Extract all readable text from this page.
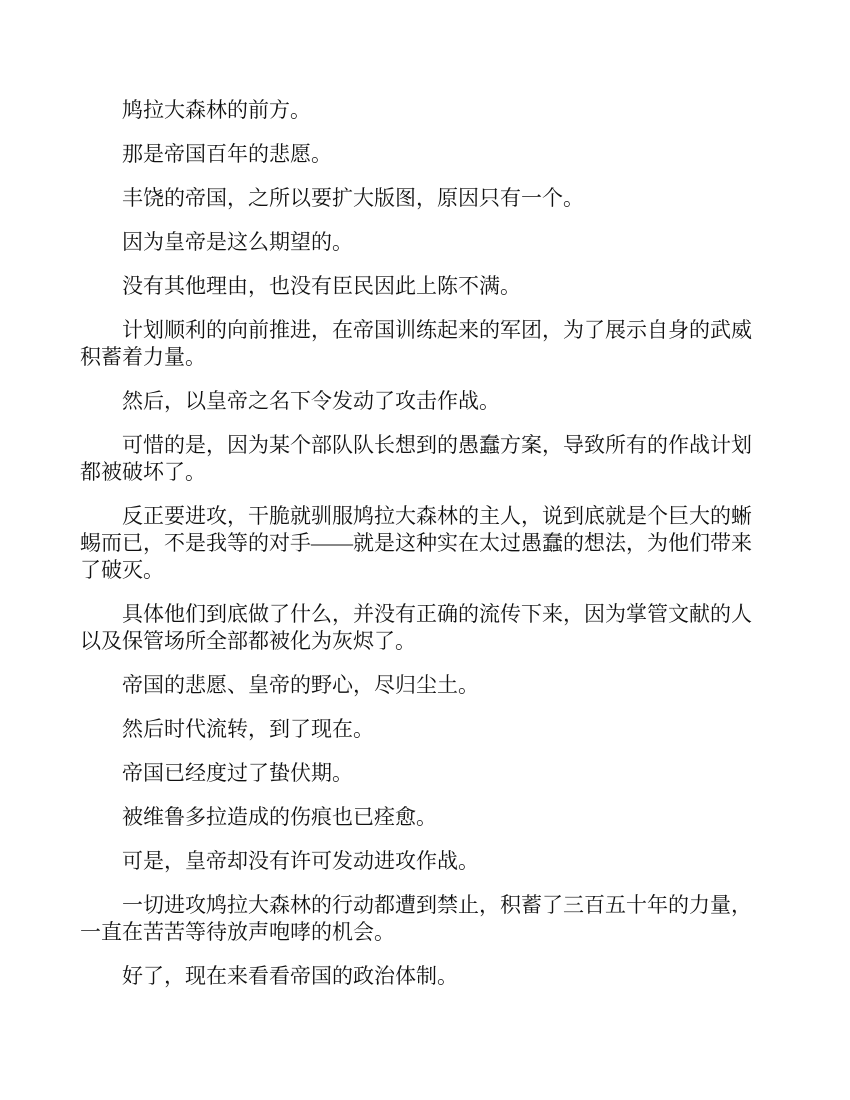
鸠拉大森林的前方。

那是帝国百年的悲愿。

丰饶的帝国，之所以要扩大版图，原因只有一个。

因为皇帝是这么期望的。

没有其他理由，也没有臣民因此上陈不满。

计划顺利的向前推进，在帝国训练起来的军团，为了展示自身的武威积蓄着力量。

然后，以皇帝之名下令发动了攻击作战。

可惜的是，因为某个部队队长想到的愚蠢方案，导致所有的作战计划都被破坏了。

反正要进攻，干脆就驯服鸠拉大森林的主人，说到底就是个巨大的蜥蜴而已，不是我等的对手——就是这种实在太过愚蠢的想法，为他们带来了破灭。

具体他们到底做了什么，并没有正确的流传下来，因为掌管文献的人以及保管场所全部都被化为灰烬了。

帝国的悲愿、皇帝的野心，尽归尘土。

然后时代流转，到了现在。

帝国已经度过了蛰伏期。

被维鲁多拉造成的伤痕也已痊愈。

可是，皇帝却没有许可发动进攻作战。

一切进攻鸠拉大森林的行动都遭到禁止，积蓄了三百五十年的力量，一直在苦苦等待放声咆哮的机会。

好了，现在来看看帝国的政治体制。
